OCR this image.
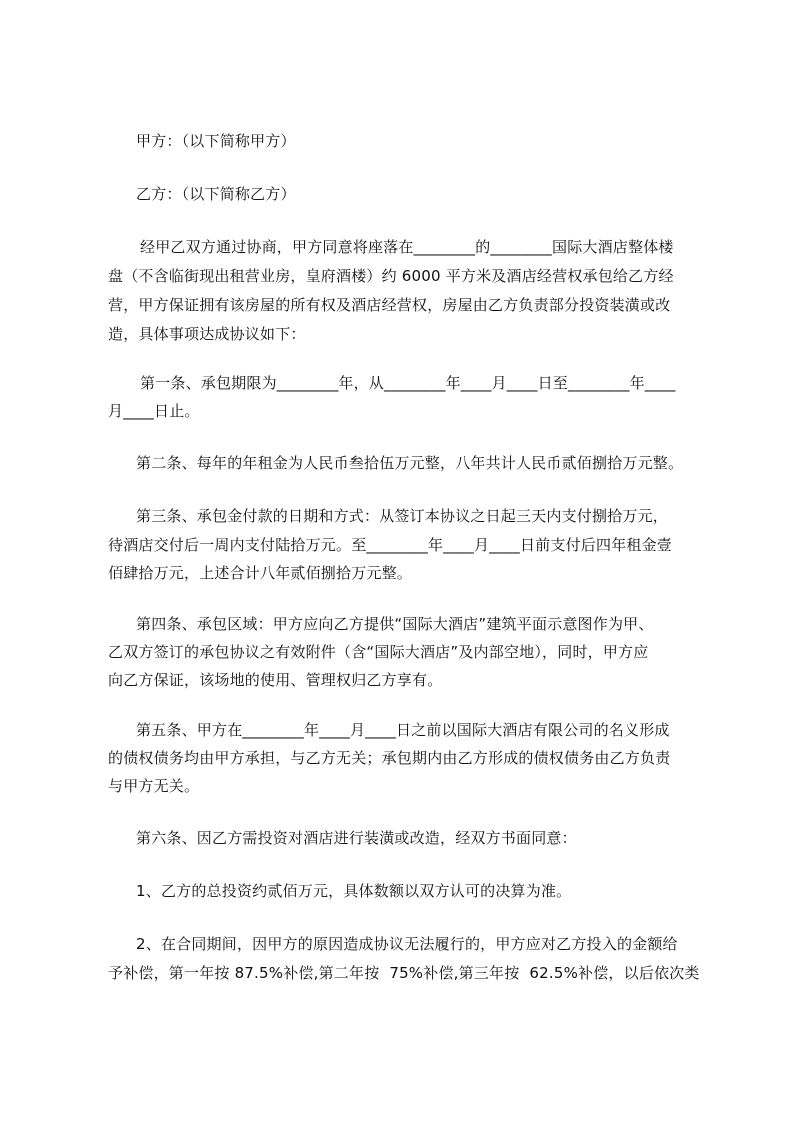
甲方：（以下简称甲方）
乙方：（以下简称乙方）
经甲乙双方通过协商，甲方同意将座落在________的________国际大酒店整体楼
盘（不含临街现出租营业房，皇府酒楼）约 6000 平方米及酒店经营权承包给乙方经
营，甲方保证拥有该房屋的所有权及酒店经营权，房屋由乙方负责部分投资装潢或改
造，具体事项达成协议如下：
第一条、承包期限为________年，从________年____月____日至________年____
月____日止。
第二条、每年的年租金为人民币叁拾伍万元整，八年共计人民币贰佰捌拾万元整。
第三条、承包金付款的日期和方式：从签订本协议之日起三天内支付捌拾万元，
待酒店交付后一周内支付陆拾万元。至________年____月____日前支付后四年租金壹
佰肆拾万元，上述合计八年贰佰捌拾万元整。
第四条、承包区域：甲方应向乙方提供“国际大酒店”建筑平面示意图作为甲、
乙双方签订的承包协议之有效附件（含“国际大酒店”及内部空地），同时，甲方应
向乙方保证，该场地的使用、管理权归乙方享有。
第五条、甲方在________年____月____日之前以国际大酒店有限公司的名义形成
的债权债务均由甲方承担，与乙方无关；承包期内由乙方形成的债权债务由乙方负责
与甲方无关。
第六条、因乙方需投资对酒店进行装潢或改造，经双方书面同意：
1、乙方的总投资约贰佰万元，具体数额以双方认可的决算为准。
2、在合同期间，因甲方的原因造成协议无法履行的，甲方应对乙方投入的金额给
予补偿，第一年按 87.5%补偿,第二年按  75%补偿,第三年按  62.5%补偿，以后依次类
